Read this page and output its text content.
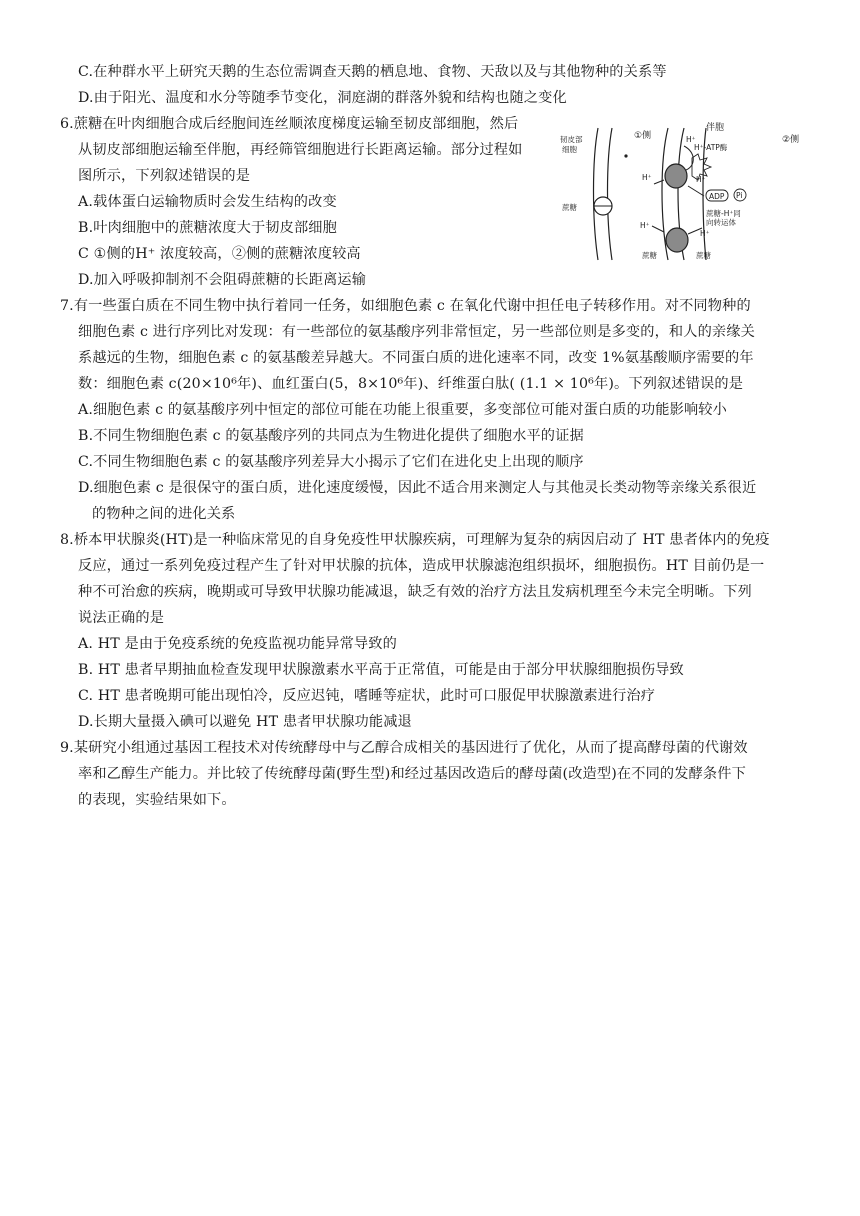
C.在种群水平上研究天鹅的生态位需调查天鹅的栖息地、食物、天敌以及与其他物种的关系等
D.由于阳光、温度和水分等随季节变化，洞庭湖的群落外貌和结构也随之变化
6.蔗糖在叶肉细胞合成后经胞间连丝顺浓度梯度运输至韧皮部细胞，然后
从韧皮部细胞运输至伴胞，再经筛管细胞进行长距离运输。部分过程如
图所示，下列叙述错误的是
A.载体蛋白运输物质时会发生结构的改变
B.叶肉细胞中的蔗糖浓度大于韧皮部细胞
C ①侧的H⁺ 浓度较高，②侧的蔗糖浓度较高
D.加入呼吸抑制剂不会阻碍蔗糖的长距离运输
①侧	②侧
伴胞
韧皮部
细胞	H⁺-ATP酶
H⁺
H⁺	H⁺
H⁺
H⁺
ADP Pi
蔗糖-H⁺同
向转运体
蔗糖
蔗糖	蔗糖
7.有一些蛋白质在不同生物中执行着同一任务，如细胞色素 c 在氧化代谢中担任电子转移作用。对不同物种的
细胞色素 c 进行序列比对发现：有一些部位的氨基酸序列非常恒定，另一些部位则是多变的，和人的亲缘关
系越远的生物，细胞色素 c 的氨基酸差异越大。不同蛋白质的进化速率不同，改变 1%氨基酸顺序需要的年
数：细胞色素 c(20×10⁶年)、血红蛋白(5，8×10⁶年)、纤维蛋白肽( (1.1 × 10⁶年)。下列叙述错误的是
A.细胞色素 c 的氨基酸序列中恒定的部位可能在功能上很重要，多变部位可能对蛋白质的功能影响较小
B.不同生物细胞色素 c 的氨基酸序列的共同点为生物进化提供了细胞水平的证据
C.不同生物细胞色素 c 的氨基酸序列差异大小揭示了它们在进化史上出现的顺序
D.细胞色素 c 是很保守的蛋白质，进化速度缓慢，因此不适合用来测定人与其他灵长类动物等亲缘关系很近
的物种之间的进化关系
8.桥本甲状腺炎(HT)是一种临床常见的自身免疫性甲状腺疾病，可理解为复杂的病因启动了 HT 患者体内的免疫
反应，通过一系列免疫过程产生了针对甲状腺的抗体，造成甲状腺滤泡组织损坏，细胞损伤。HT 目前仍是一
种不可治愈的疾病，晚期或可导致甲状腺功能减退，缺乏有效的治疗方法且发病机理至今未完全明晰。下列
说法正确的是
A. HT 是由于免疫系统的免疫监视功能异常导致的
B. HT 患者早期抽血检查发现甲状腺激素水平高于正常值，可能是由于部分甲状腺细胞损伤导致
C. HT 患者晚期可能出现怕冷，反应迟钝，嗜睡等症状，此时可口服促甲状腺激素进行治疗
D.长期大量摄入碘可以避免 HT 患者甲状腺功能减退
9.某研究小组通过基因工程技术对传统酵母中与乙醇合成相关的基因进行了优化，从而了提高酵母菌的代谢效
率和乙醇生产能力。并比较了传统酵母菌(野生型)和经过基因改造后的酵母菌(改造型)在不同的发酵条件下
的表现，实验结果如下。
